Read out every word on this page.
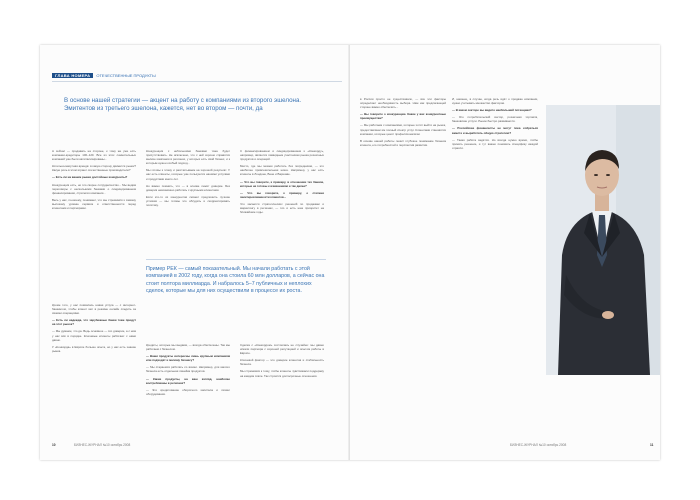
ГЛАВА НОМЕРА ОТЕЧЕСТВЕННЫЕ ПРОДУКТЫ
В основе нашей стратегии — акцент на работу с компаниями из второго эшелона. Эмитентов из третьего эшелона, кажется, нет во втором — почти, да

А сейчас — продавать на стороне, к тому же уже есть компании-кредиторы 100–120. Все из этих сомнительных компаний уже были капитализированы...

Котельно-мазутная аренда: в какую сторону движется рынок? Какую роль в этом играют отечественные производители?

— Есть ли на вашем рынке достойные конкуренты?

Конкуренция есть, но это скорее сотрудничество... Мы ведём переговоры с несколькими банками о синдицированном финансировании, стратегия компании...

Весь у нас, по-моему, понимают, что мы стремимся к самому высокому уровню сервиса и ответственности перед клиентами и партнёрами.

Конкуренция с небольшими банками тоже будет присутствовать. Не исключено, что с ней хорошо справятся мелкие компании в регионах, у которых есть свой бизнес, и к которым нужен особый подход...

Мы готовы к этому и рассчитываем на хороший результат. У нас есть клиенты, которые уже пользуются нашими услугами и продуктами много лет.

Но важно помнить, что — в основе лежит доверие. Без доверия невозможно работать с крупными клиентами.

Если кто-то из конкурентов сможет предложить лучшие условия — мы готовы это обсудить и скорректировать политику.

С финансированием и синдицированием к «Конкорду», например, является ликвидным участником рынка розничных продуктов и операций.

Место, где мы можем работать без посредников, — это наиболее привлекательная ниша. Например, у нас есть клиенты в Лондоне, Вене и Варшаве.

— Что вы говорите, к примеру, в отношении тех банков, которые не готовы к изменениям и так далее?

— Что вы говорите, к примеру, о степени заинтересованности клиентов...

Что касается стратегических решений по продажам и маркетингу в регионах, — это и есть наш приоритет на ближайшие годы.

Пример РЕК — самый показательный. Мы начали работать с этой компанией в 2002 году, когда она стоила 60 млн долларов, а сейчас она стоит полтора миллиарда. И набралось 5–7 публичных и неплохих сделок, которые мы для них осуществили в процессе их роста.

Кроме того, у нас появилась новая услуга — с интернет-банкингом, чтобы клиент мог в режиме онлайн следить за своими операциями.

— Есть ли надежда, что зарубежные банки тоже придут на этот рынок?

— Мы думаем, что да. Ведь основное — это доверие, а с ним у нас всё в порядке. Ключевые клиенты работают с нами давно.

У «Конкорда» в Европе больше опыта, но у нас есть знание рынка.

Кредиты, которые мы выдаём, — всегда обеспечены. Так мы работаем с бизнесом.

— Ваши продукты интересны лишь крупным компаниям или подходят и малому бизнесу?

— Мы стараемся работать со всеми. Например, для малого бизнеса есть отдельная линейка продуктов.

— Какие продукты, на ваш взгляд, наиболее востребованы в регионах?

— Это кредитование оборотного капитала и лизинг оборудования.

Сделка с «Конкордом» состоялась не случайно: мы давно искали партнёра с хорошей репутацией и опытом работы в Европе.

Ключевой фактор — это доверие клиентов и стабильность бизнеса.

Мы стремимся к тому, чтобы клиенты чувствовали поддержку на каждом этапе. Так строятся долгосрочные отношения.

10	БИЗНЕС-ЖУРНАЛ №10 октябрь 2008

в России просто не существовало, — все эти факторы определяют необходимость выбора. Нам как предлагающей стороне важно обеспечить...

— Вы говорите о конкуренции. Какие у вас конкурентные преимущества?

— Мы работаем с компаниями, которые хотят выйти на рынок, предоставляем им полный спектр услуг. Клиентами становятся компании, которые ценят профессионализм.

В основе нашей работы лежит глубокое понимание бизнеса клиента, его потребностей и перспектив развития.

И, наконец, в случае, когда речь идёт о продаже компании, нужно учитывать множество факторов.

— В каком секторе вы видите наибольший потенциал?

— Это потребительский сектор, розничная торговля, банковские услуги. Рынок быстро развивается.

— Российские финансисты не могут пока собраться вместе и выработать общую стратегию?

— Такая работа ведётся. Но всегда нужно время, чтобы принять решение, и тут важно понимать специфику каждой отрасли.

БИЗНЕС-ЖУРНАЛ №10 октябрь 2008	11
